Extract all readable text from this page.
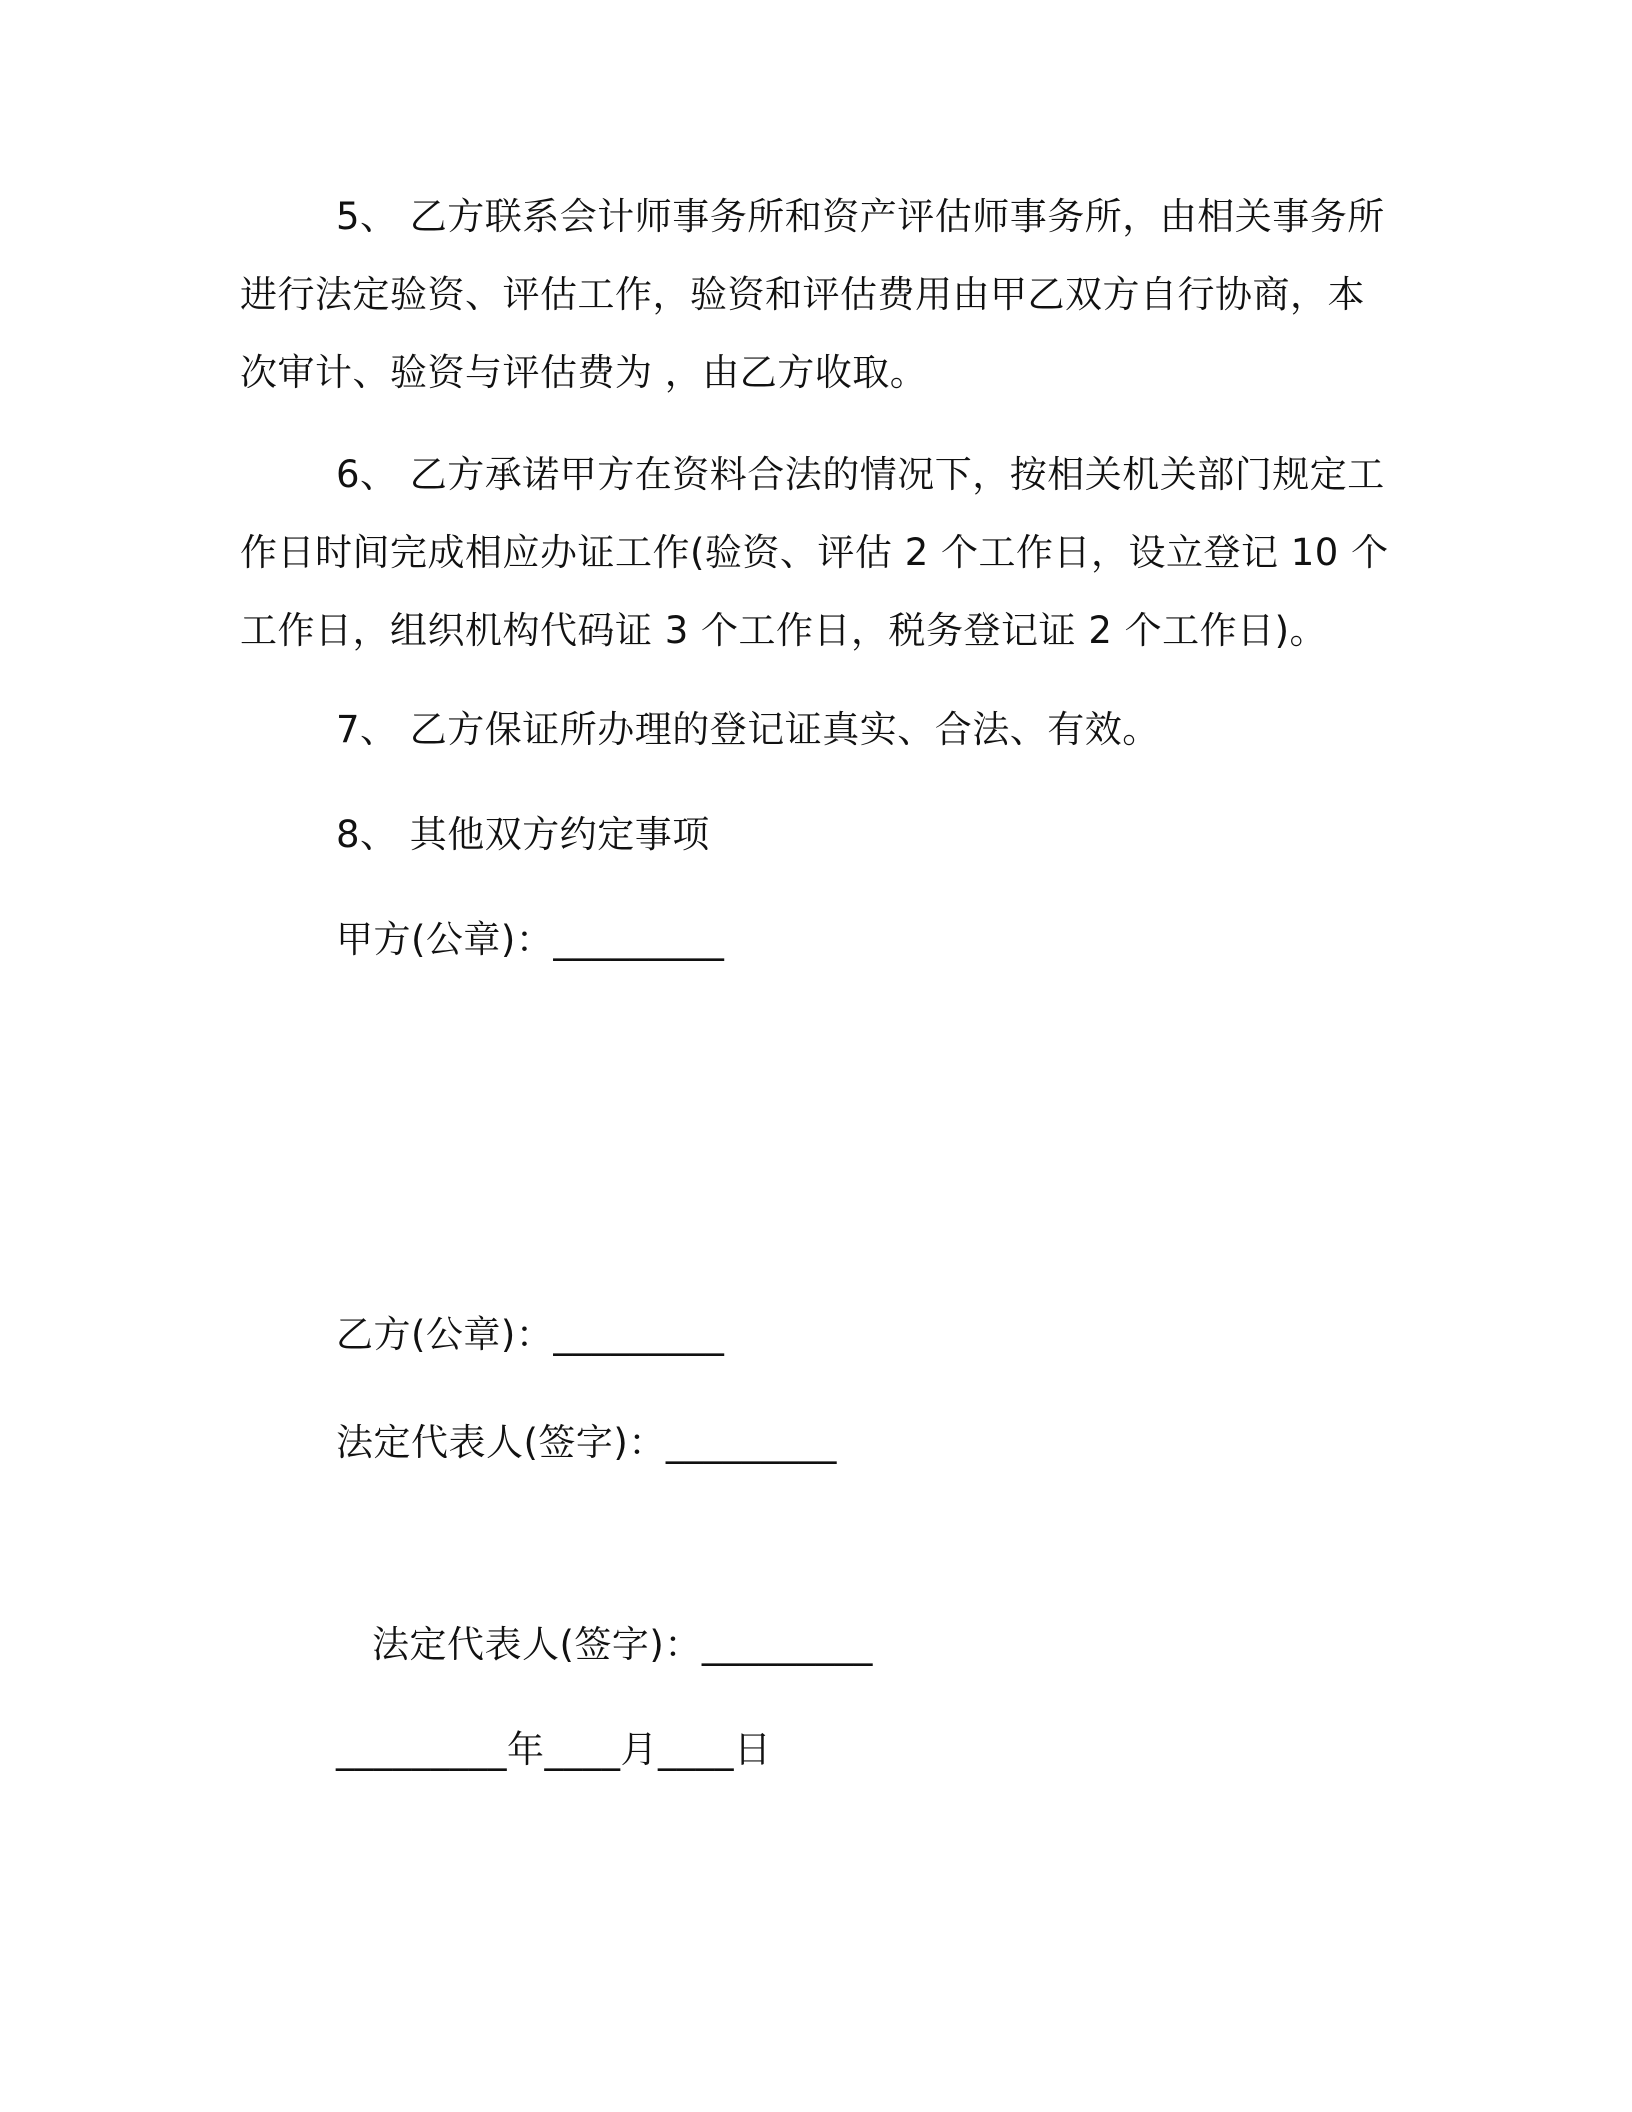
5、 乙方联系会计师事务所和资产评估师事务所，由相关事务所
进行法定验资、评估工作，验资和评估费用由甲乙双方自行协商，本
次审计、验资与评估费为 ，由乙方收取。
6、 乙方承诺甲方在资料合法的情况下，按相关机关部门规定工
作日时间完成相应办证工作(验资、评估 2 个工作日，设立登记 10 个
工作日，组织机构代码证 3 个工作日，税务登记证 2 个工作日)。

7、 乙方保证所办理的登记证真实、合法、有效。

8、 其他双方约定事项

甲方(公章)：_________

乙方(公章)：_________

法定代表人(签字)：_________

法定代表人(签字)：_________

_________年____月____日
